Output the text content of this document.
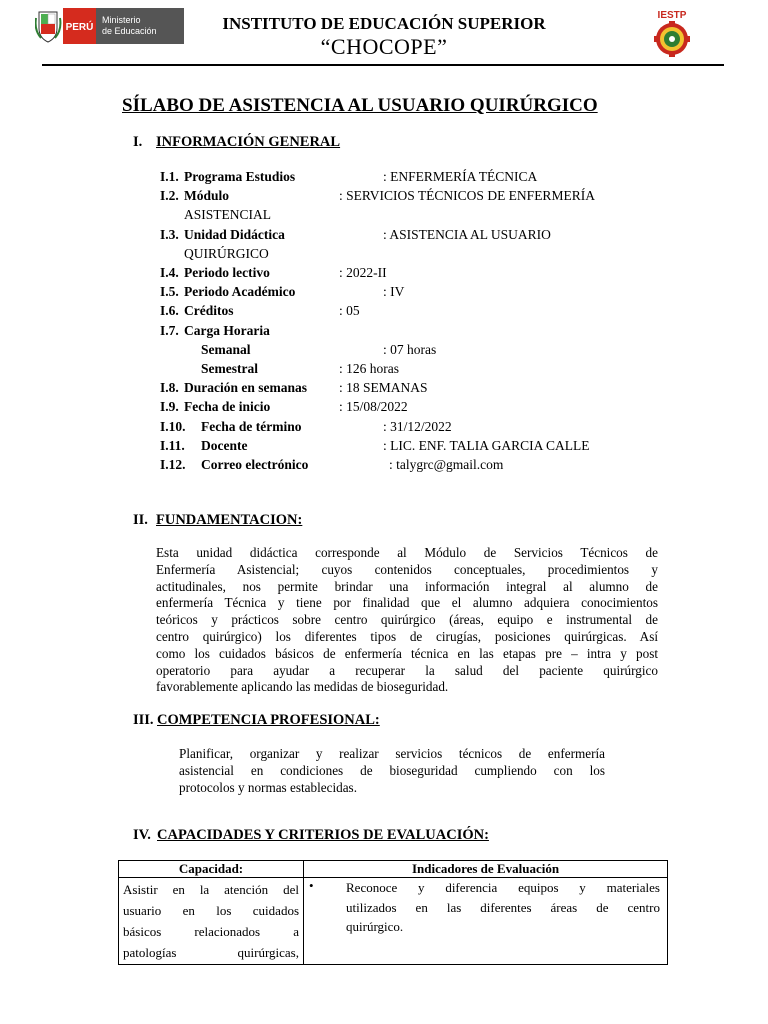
PERÚ
Ministerio
de Educación	INSTITUTO DE EDUCACIÓN SUPERIOR
“CHOCOPE”
IESTP
SÍLABO DE ASISTENCIA AL USUARIO QUIRÚRGICO
I. INFORMACIÓN GENERAL
I.1. Programa Estudios	: ENFERMERÍA TÉCNICA
I.2. Módulo	: SERVICIOS TÉCNICOS DE ENFERMERÍA
ASISTENCIAL
I.3. Unidad Didáctica	: ASISTENCIA AL USUARIO
QUIRÚRGICO
I.4. Periodo lectivo	: 2022-II
I.5. Periodo Académico	: IV
I.6. Créditos	: 05
I.7. Carga Horaria
Semanal	: 07 horas
Semestral	: 126 horas
I.8. Duración en semanas : 18 SEMANAS
I.9. Fecha de inicio	: 15/08/2022
I.10. Fecha de término	: 31/12/2022
I.11. Docente	: LIC. ENF. TALIA GARCIA CALLE
I.12. Correo electrónico	: talygrc@gmail.com
II. FUNDAMENTACION:
Esta unidad didáctica corresponde al Módulo de Servicios Técnicos de
Enfermería Asistencial; cuyos contenidos conceptuales, procedimientos y
actitudinales, nos permite brindar una información integral al alumno de
enfermería Técnica y tiene por finalidad que el alumno adquiera conocimientos
teóricos y prácticos sobre centro quirúrgico (áreas, equipo e instrumental de
centro quirúrgico) los diferentes tipos de cirugías, posiciones quirúrgicas. Así
como los cuidados básicos de enfermería técnica en las etapas pre – intra y post
operatorio para ayudar a recuperar la salud del paciente quirúrgico
favorablemente aplicando las medidas de bioseguridad.
III. COMPETENCIA PROFESIONAL:
Planificar, organizar y realizar servicios técnicos de enfermería
asistencial en condiciones de bioseguridad cumpliendo con los
protocolos y normas establecidas.
IV. CAPACIDADES Y CRITERIOS DE EVALUACIÓN:
Capacidad:	Indicadores de Evaluación

Asistir en la atención del
usuario en los cuidados
básicos relacionados a
patologías quirúrgicas,	

• Reconoce y diferencia equipos y materiales
utilizados en las diferentes áreas de centro
quirúrgico.
